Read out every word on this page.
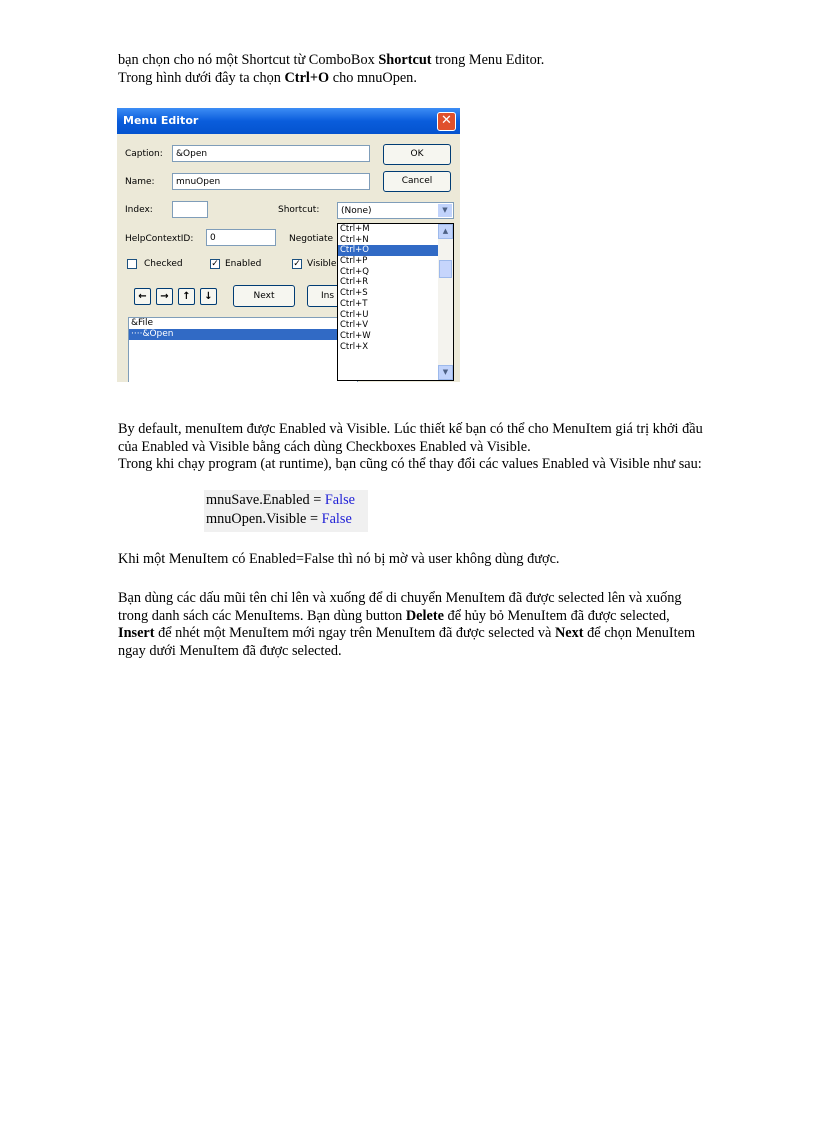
bạn chọn cho nó một Shortcut từ ComboBox Shortcut trong Menu Editor.
Trong hình dưới đây ta chọn Ctrl+O cho mnuOpen.

Menu Editor	✕
Caption:	&Open	OK
Name:	mnuOpen	Cancel
Index:	Shortcut:	(None)	▼
HelpContextID:	0	Negotiate
Checked	✓ Enabled	✓ Visible
←	→	↑	↓	Next	Ins
&File
····&Open
Ctrl+M
Ctrl+N
Ctrl+O
Ctrl+P
Ctrl+Q
Ctrl+R
Ctrl+S
Ctrl+T
Ctrl+U
Ctrl+V
Ctrl+W
Ctrl+X
▲
▼

By default, menuItem được Enabled và Visible. Lúc thiết kế bạn có thể cho MenuItem giá trị khởi đầu
của Enabled và Visible bằng cách dùng Checkboxes Enabled và Visible.
Trong khi chạy program (at runtime), bạn cũng có thể thay đổi các values Enabled và Visible như sau:

mnuSave.Enabled = False
mnuOpen.Visible = False

Khi một MenuItem có Enabled=False thì nó bị mờ và user không dùng được.

Bạn dùng các dấu mũi tên chỉ lên và xuống để di chuyển MenuItem đã được selected lên và xuống
trong danh sách các MenuItems. Bạn dùng button Delete để hủy bỏ MenuItem đã được selected,
Insert để nhét một MenuItem mới ngay trên MenuItem đã được selected và Next để chọn MenuItem
ngay dưới MenuItem đã được selected.
